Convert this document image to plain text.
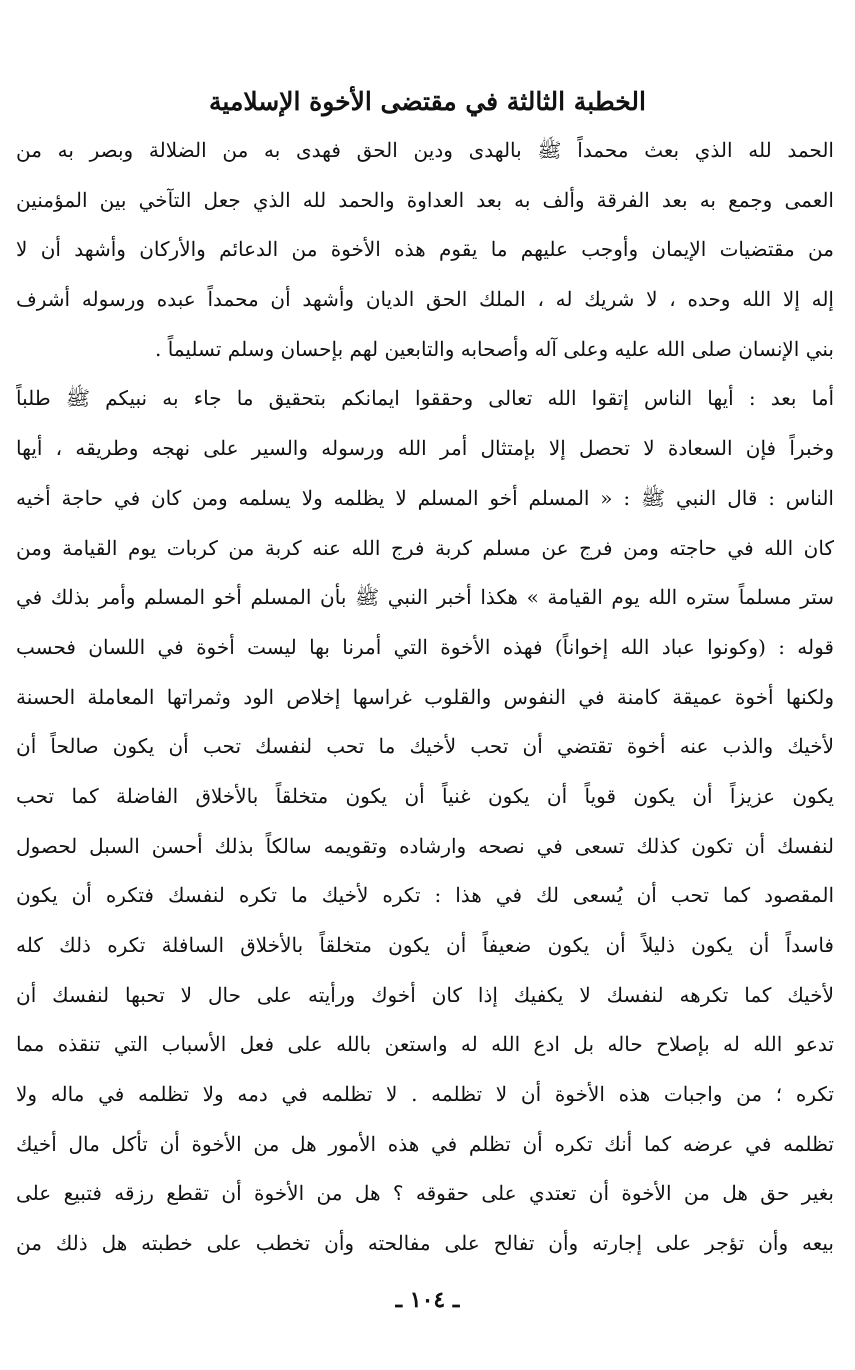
الخطبة الثالثة في مقتضى الأخوة الإسلامية
الحمد لله الذي بعث محمداً ﷺ بالهدى ودين الحق فهدى به من الضلالة وبصر به من
العمى وجمع به بعد الفرقة وألف به بعد العداوة والحمد لله الذي جعل التآخي بين المؤمنين
من مقتضيات الإيمان وأوجب عليهم ما يقوم هذه الأخوة من الدعائم والأركان وأشهد أن لا
إله إلا الله وحده ، لا شريك له ، الملك الحق الديان وأشهد أن محمداً عبده ورسوله أشرف
بني الإنسان صلى الله عليه وعلى آله وأصحابه والتابعين لهم بإحسان وسلم تسليماً .
أما بعد : أيها الناس إتقوا الله تعالى وحققوا ايمانكم بتحقيق ما جاء به نبيكم ﷺ طلباً
وخبراً فإن السعادة لا تحصل إلا بإمتثال أمر الله ورسوله والسير على نهجه وطريقه ، أيها
الناس : قال النبي ﷺ : « المسلم أخو المسلم لا يظلمه ولا يسلمه ومن كان في حاجة أخيه
كان الله في حاجته ومن فرج عن مسلم كربة فرج الله عنه كربة من كربات يوم القيامة ومن
ستر مسلماً ستره الله يوم القيامة » هكذا أخبر النبي ﷺ بأن المسلم أخو المسلم وأمر بذلك في
قوله : (وكونوا عباد الله إخواناً) فهذه الأخوة التي أمرنا بها ليست أخوة في اللسان فحسب
ولكنها أخوة عميقة كامنة في النفوس والقلوب غراسها إخلاص الود وثمراتها المعاملة الحسنة
لأخيك والذب عنه أخوة تقتضي أن تحب لأخيك ما تحب لنفسك تحب أن يكون صالحاً أن
يكون عزيزاً أن يكون قوياً أن يكون غنياً أن يكون متخلقاً بالأخلاق الفاضلة كما تحب
لنفسك أن تكون كذلك تسعى في نصحه وارشاده وتقويمه سالكاً بذلك أحسن السبل لحصول
المقصود كما تحب أن يُسعى لك في هذا : تكره لأخيك ما تكره لنفسك فتكره أن يكون
فاسداً أن يكون ذليلاً أن يكون ضعيفاً أن يكون متخلقاً بالأخلاق السافلة تكره ذلك كله
لأخيك كما تكرهه لنفسك لا يكفيك إذا كان أخوك ورأيته على حال لا تحبها لنفسك أن
تدعو الله له بإصلاح حاله بل ادع الله له واستعن بالله على فعل الأسباب التي تنقذه مما
تكره ؛ من واجبات هذه الأخوة أن لا تظلمه . لا تظلمه في دمه ولا تظلمه في ماله ولا
تظلمه في عرضه كما أنك تكره أن تظلم في هذه الأمور هل من الأخوة أن تأكل مال أخيك
بغير حق هل من الأخوة أن تعتدي على حقوقه ؟ هل من الأخوة أن تقطع رزقه فتبيع على
بيعه وأن تؤجر على إجارته وأن تفالح على مفالحته وأن تخطب على خطبته هل ذلك من
ـ ١٠٤ ـ
